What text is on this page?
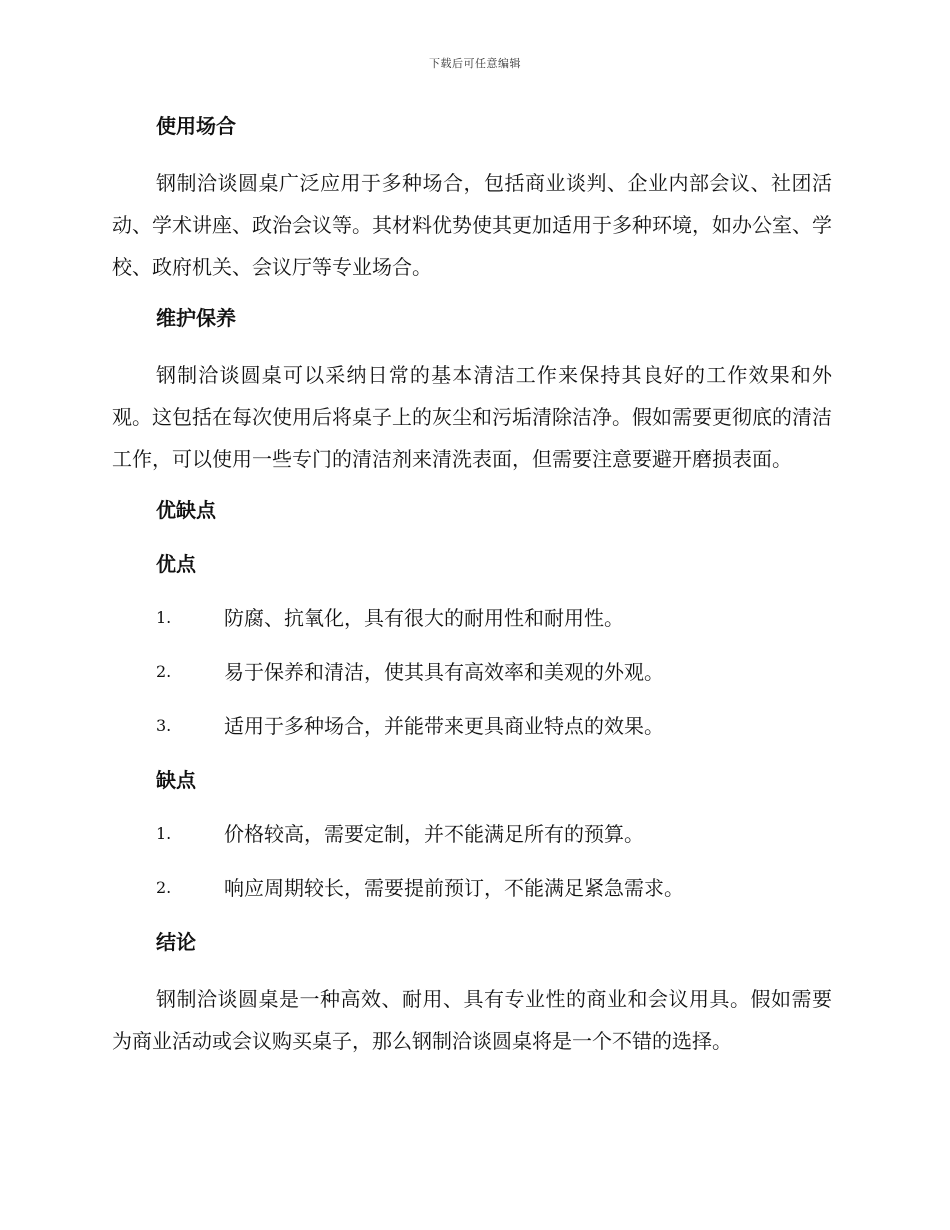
下载后可任意编辑
使用场合

钢制洽谈圆桌广泛应用于多种场合，包括商业谈判、企业内部会议、社团活动、学术讲座、政治会议等。其材料优势使其更加适用于多种环境，如办公室、学校、政府机关、会议厅等专业场合。

维护保养

钢制洽谈圆桌可以采纳日常的基本清洁工作来保持其良好的工作效果和外观。这包括在每次使用后将桌子上的灰尘和污垢清除洁净。假如需要更彻底的清洁工作，可以使用一些专门的清洁剂来清洗表面，但需要注意要避开磨损表面。

优缺点
优点
1.	防腐、抗氧化，具有很大的耐用性和耐用性。
2.	易于保养和清洁，使其具有高效率和美观的外观。
3.	适用于多种场合，并能带来更具商业特点的效果。
缺点
1.	价格较高，需要定制，并不能满足所有的预算。
2.	响应周期较长，需要提前预订，不能满足紧急需求。
结论

钢制洽谈圆桌是一种高效、耐用、具有专业性的商业和会议用具。假如需要为商业活动或会议购买桌子，那么钢制洽谈圆桌将是一个不错的选择。
